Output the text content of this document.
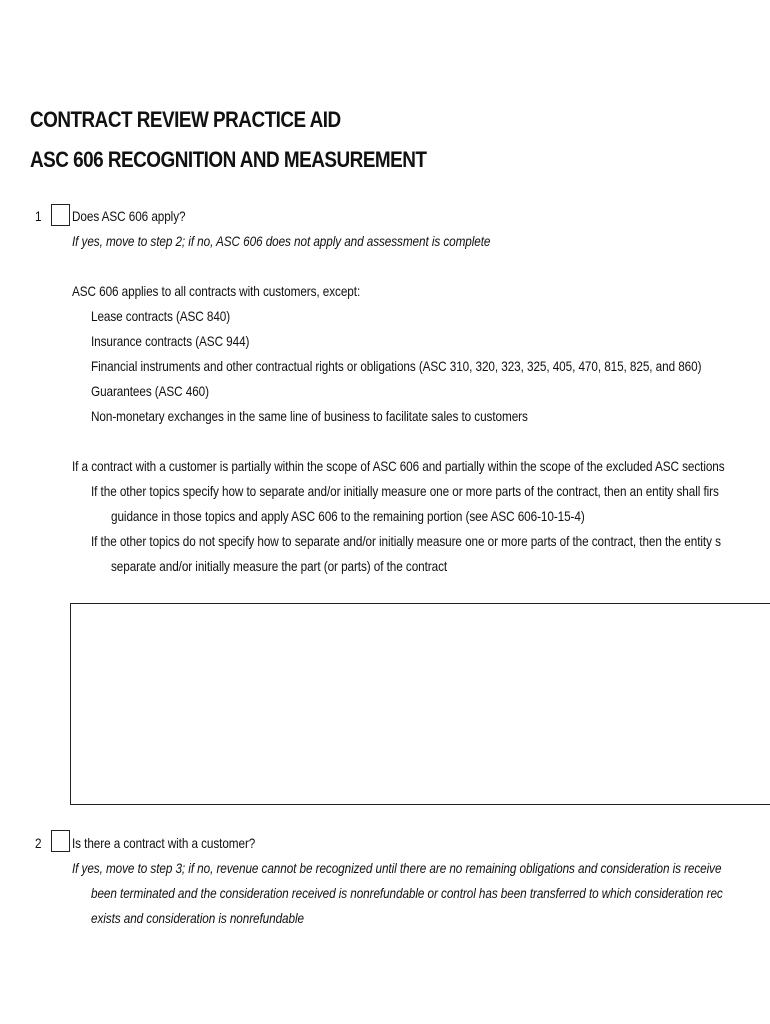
CONTRACT REVIEW PRACTICE AID
ASC 606 RECOGNITION AND MEASUREMENT
1 Does ASC 606 apply?
If yes, move to step 2; if no, ASC 606 does not apply and assessment is complete
ASC 606 applies to all contracts with customers, except:
Lease contracts (ASC 840)
Insurance contracts (ASC 944)
Financial instruments and other contractual rights or obligations (ASC 310, 320, 323, 325, 405, 470, 815, 825, and 860)
Guarantees (ASC 460)
Non-monetary exchanges in the same line of business to facilitate sales to customers
If a contract with a customer is partially within the scope of ASC 606 and partially within the scope of the excluded ASC sections
If the other topics specify how to separate and/or initially measure one or more parts of the contract, then an entity shall firs
guidance in those topics and apply ASC 606 to the remaining portion (see ASC 606-10-15-4)
If the other topics do not specify how to separate and/or initially measure one or more parts of the contract, then the entity s
separate and/or initially measure the part (or parts) of the contract
2 Is there a contract with a customer?
If yes, move to step 3; if no, revenue cannot be recognized until there are no remaining obligations and consideration is receive
been terminated and the consideration received is nonrefundable or control has been transferred to which consideration rec
exists and consideration is nonrefundable
